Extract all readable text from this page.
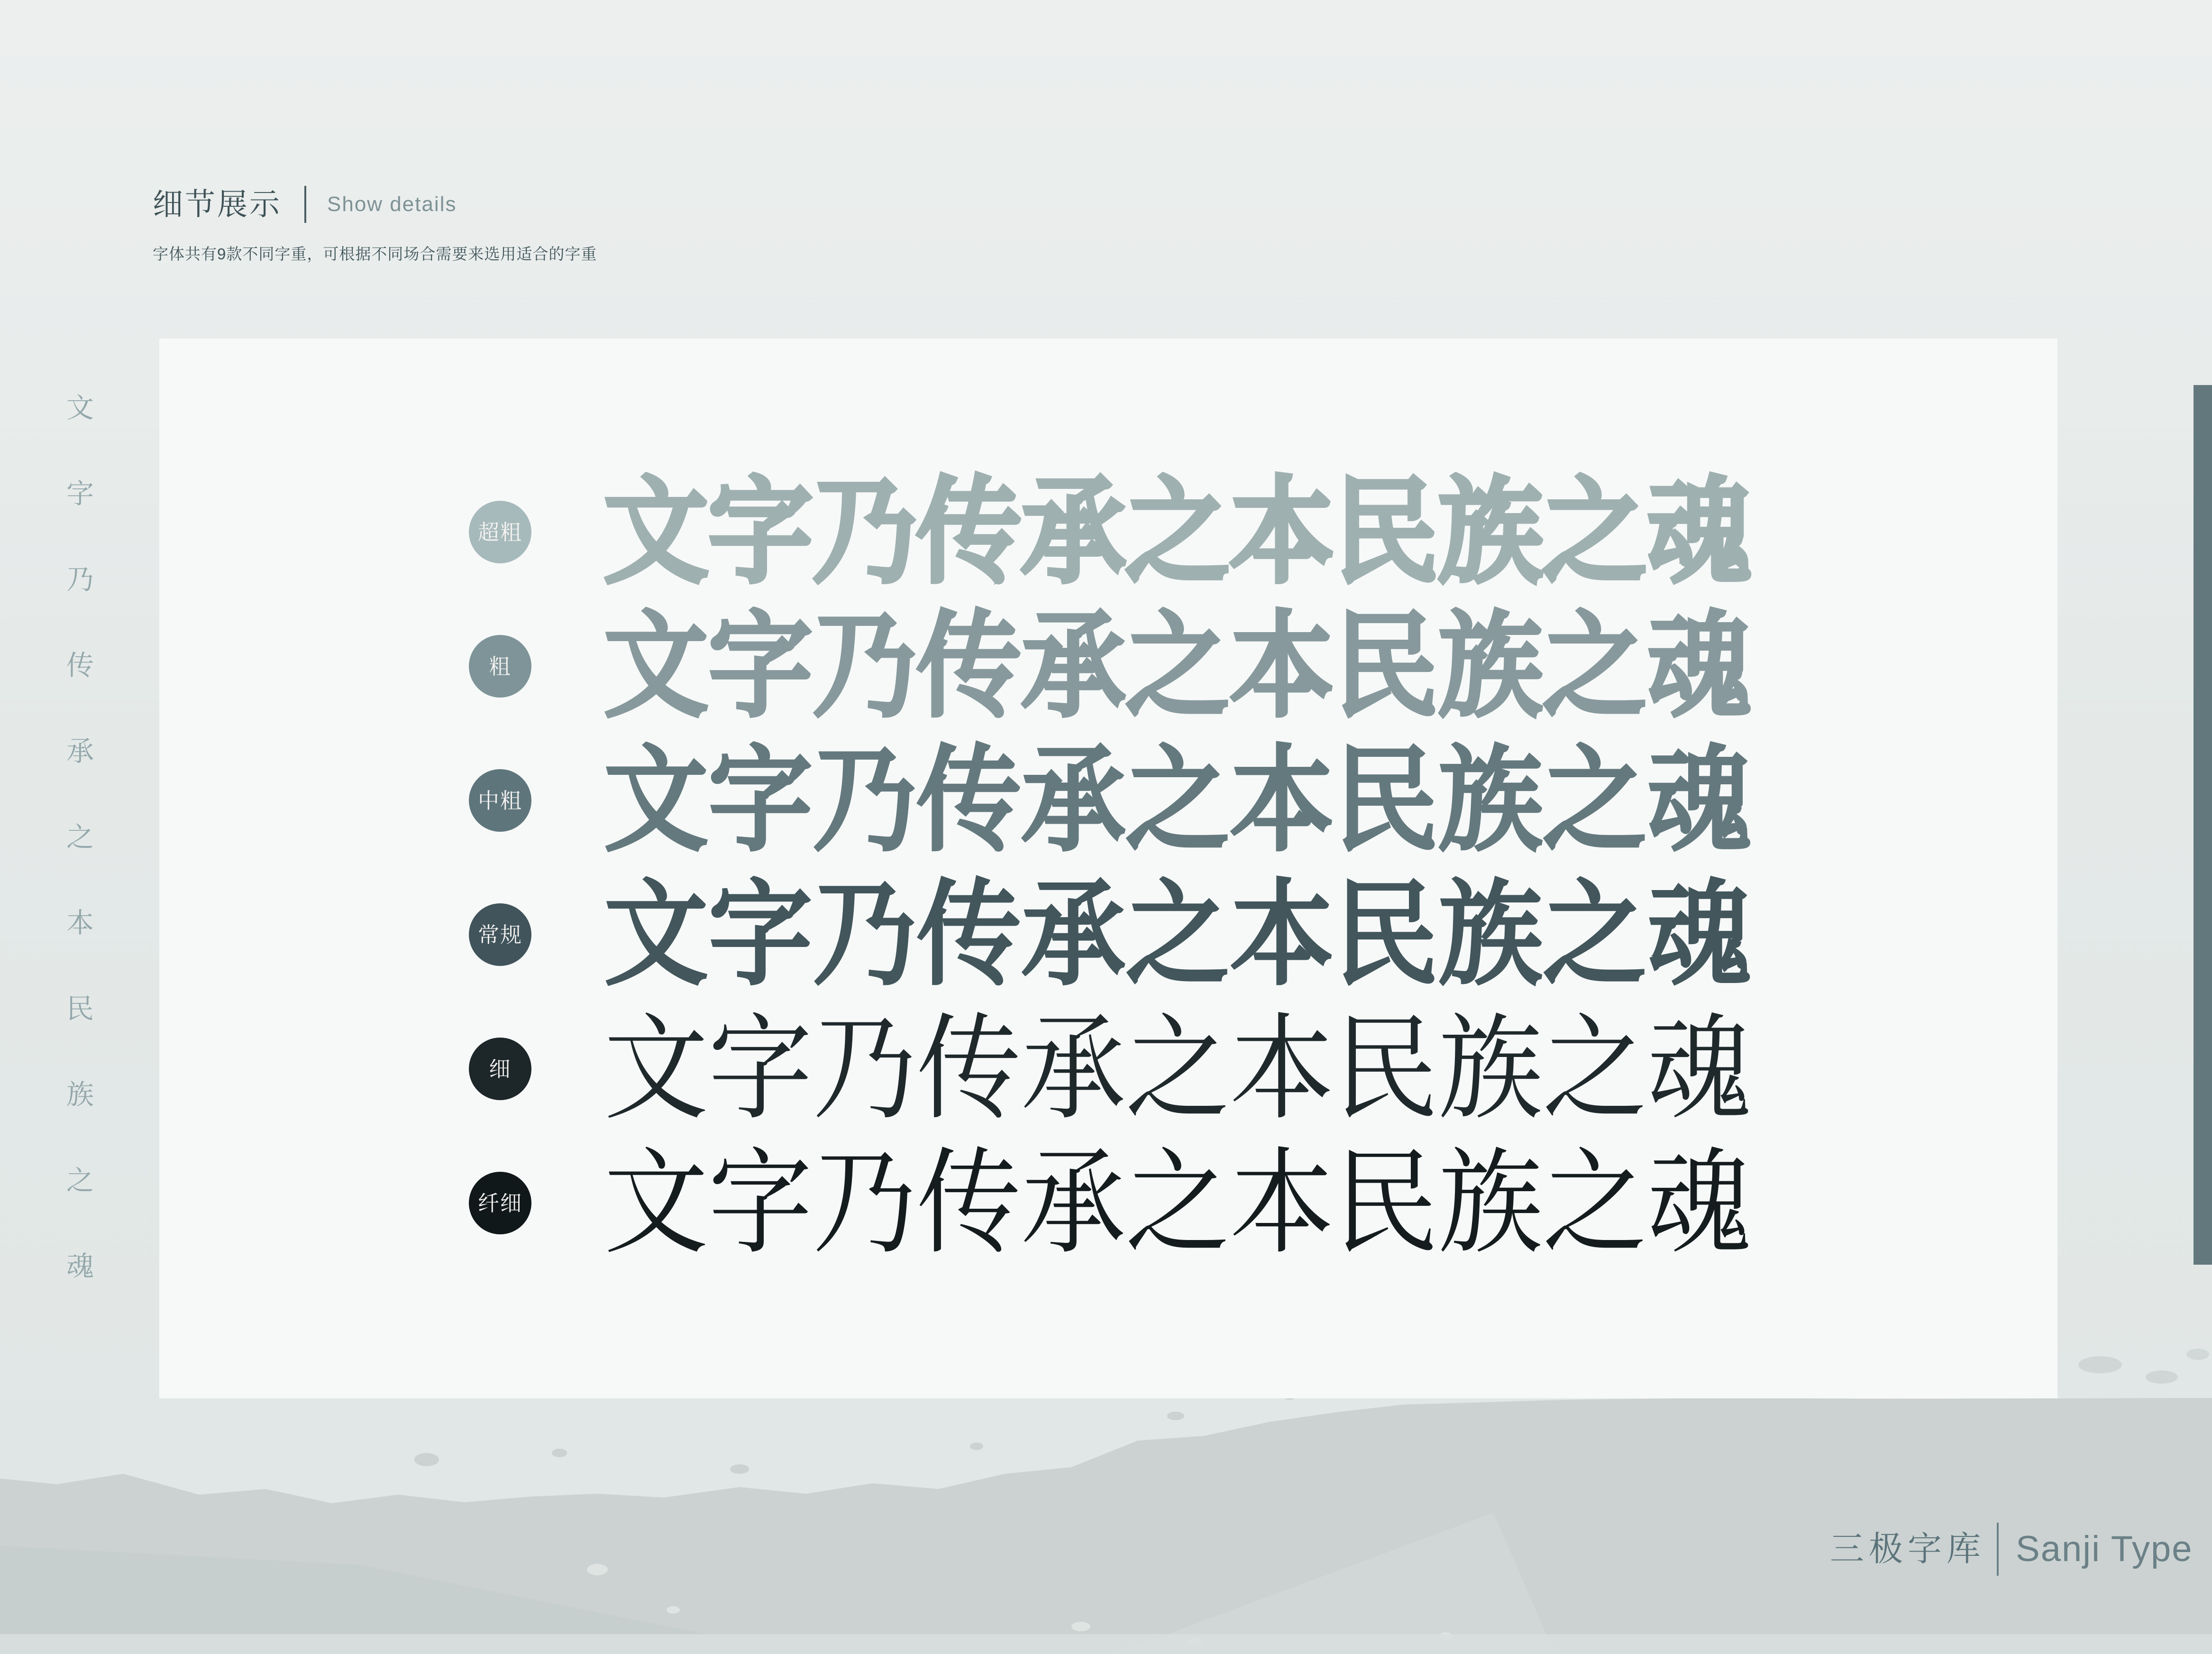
细节展示 Show details
字体共有9款不同字重，可根据不同场合需要来选用适合的字重
文
字
乃
传
承
之
本
民
族
之
魂
超粗 文字乃传承之本民族之魂
粗 文字乃传承之本民族之魂
中粗 文字乃传承之本民族之魂
常规 文字乃传承之本民族之魂
细 文字乃传承之本民族之魂
纤细 文字乃传承之本民族之魂
三极字库 Sanji Type
